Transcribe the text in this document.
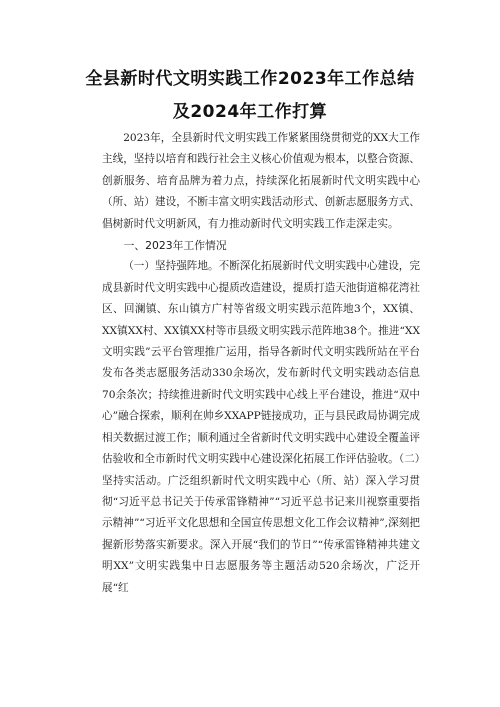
全县新时代文明实践工作2023年工作总结
及2024年工作打算

2023年，全县新时代文明实践工作紧紧围绕贯彻党的XX大工作主线，坚持以培育和践行社会主义核心价值观为根本，以整合资源、创新服务、培育品牌为着力点，持续深化拓展新时代文明实践中心（所、站）建设，不断丰富文明实践活动形式、创新志愿服务方式、倡树新时代文明新风，有力推动新时代文明实践工作走深走实。

一、2023年工作情况

（一）坚持强阵地。不断深化拓展新时代文明实践中心建设，完成县新时代文明实践中心提质改造建设，提质打造天池街道棉花湾社区、回澜镇、东山镇方广村等省级文明实践示范阵地3个，XX镇、XX镇XX村、XX镇XX村等市县级文明实践示范阵地38个。推进“XX文明实践”云平台管理推广运用，指导各新时代文明实践所站在平台发布各类志愿服务活动330余场次，发布新时代文明实践动态信息70余条次；持续推进新时代文明实践中心线上平台建设，推进“双中心”融合探索，顺利在帅乡XXAPP链接成功，正与县民政局协调完成相关数据过渡工作；顺利通过全省新时代文明实践中心建设全覆盖评估验收和全市新时代文明实践中心建设深化拓展工作评估验收。（二）坚持实活动。广泛组织新时代文明实践中心（所、站）深入学习贯彻“习近平总书记关于传承雷锋精神”“习近平总书记来川视察重要指示精神”“习近平文化思想和全国宣传思想文化工作会议精神”,深刻把握新形势落实新要求。深入开展“我们的节日”“传承雷锋精神共建文明XX”文明实践集中日志愿服务等主题活动520余场次，广泛开展“红
